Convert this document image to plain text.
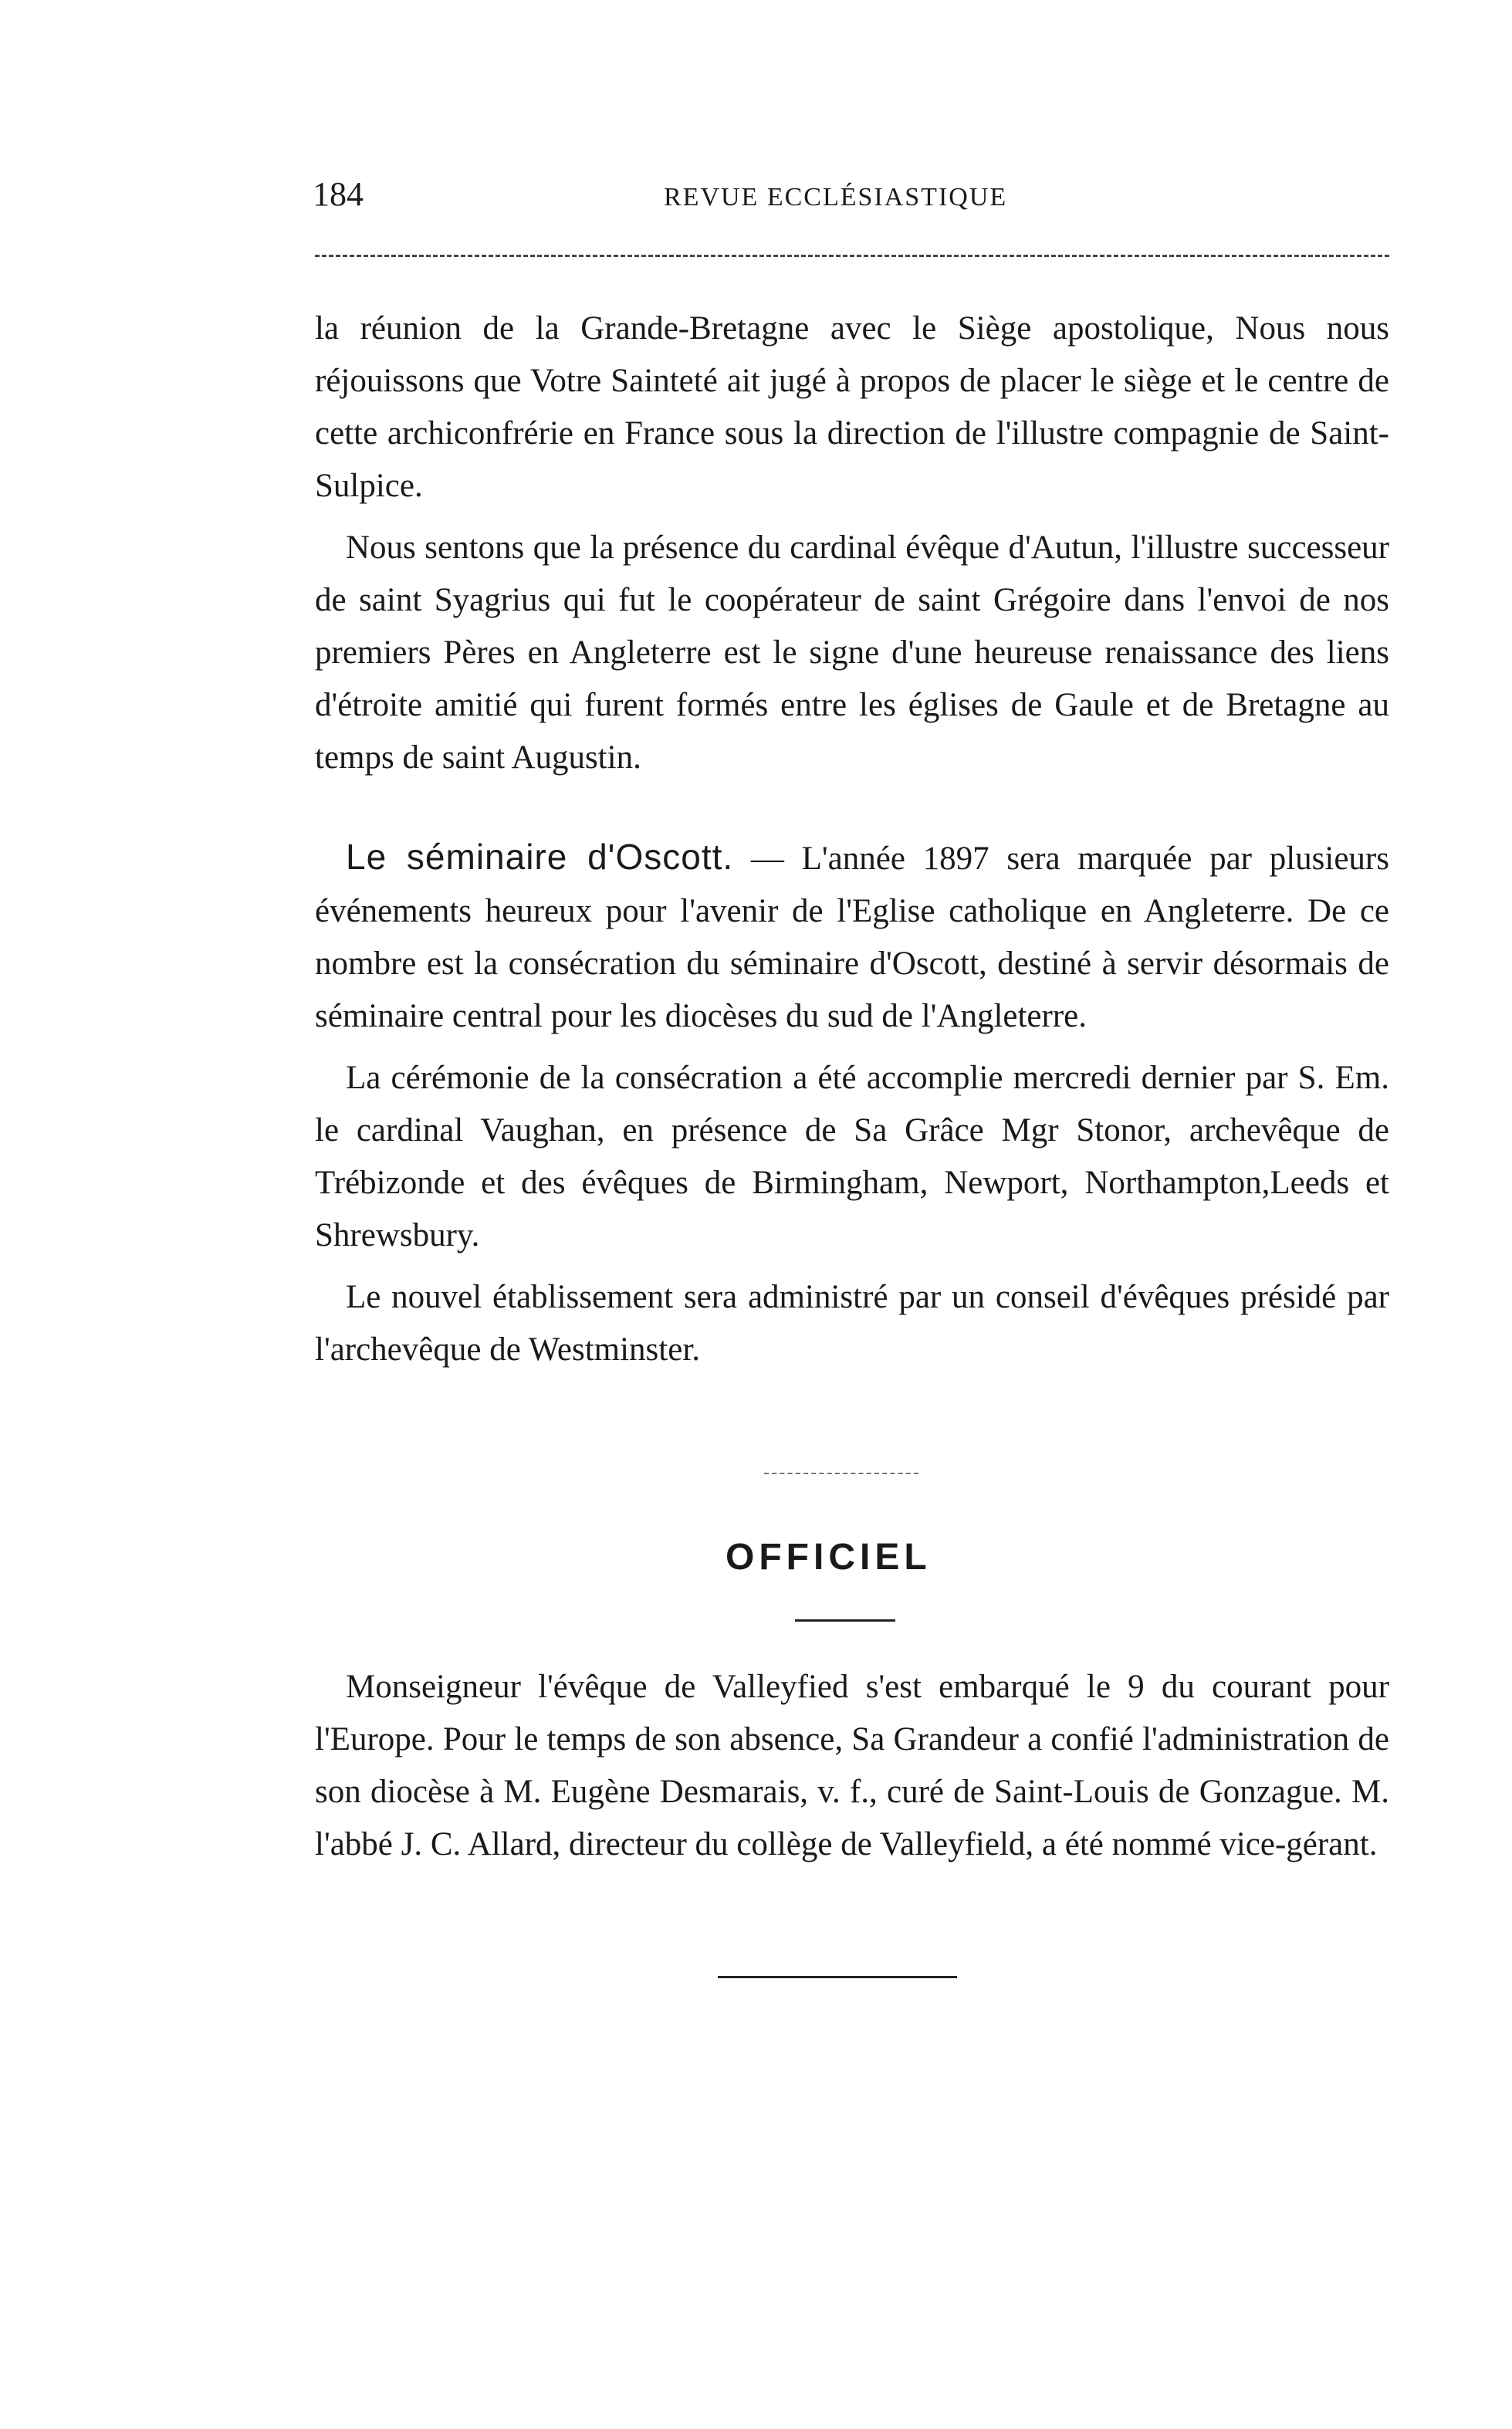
184	REVUE ECCLÉSIASTIQUE

la réunion de la Grande-Bretagne avec le Siège apostolique, Nous nous réjouissons que Votre Sainteté ait jugé à propos de placer le siège et le centre de cette archiconfrérie en France sous la direction de l'illustre compagnie de Saint-Sulpice.

Nous sentons que la présence du cardinal évêque d'Autun, l'illustre successeur de saint Syagrius qui fut le coopérateur de saint Grégoire dans l'envoi de nos premiers Pères en Angleterre est le signe d'une heureuse renaissance des liens d'étroite amitié qui furent formés entre les églises de Gaule et de Bretagne au temps de saint Augustin.

Le séminaire d'Oscott. — L'année 1897 sera marquée par plusieurs événements heureux pour l'avenir de l'Eglise catholique en Angleterre. De ce nombre est la consécration du séminaire d'Oscott, destiné à servir désormais de séminaire central pour les diocèses du sud de l'Angleterre.

La cérémonie de la consécration a été accomplie mercredi dernier par S. Em. le cardinal Vaughan, en présence de Sa Grâce Mgr Stonor, archevêque de Trébizonde et des évêques de Birmingham, Newport, Northampton,Leeds et Shrewsbury.

Le nouvel établissement sera administré par un conseil d'évêques présidé par l'archevêque de Westminster.

OFFICIEL

Monseigneur l'évêque de Valleyfied s'est embarqué le 9 du courant pour l'Europe. Pour le temps de son absence, Sa Grandeur a confié l'administration de son diocèse à M. Eugène Desmarais, v. f., curé de Saint-Louis de Gonzague. M. l'abbé J. C. Allard, directeur du collège de Valleyfield, a été nommé vice-gérant.
